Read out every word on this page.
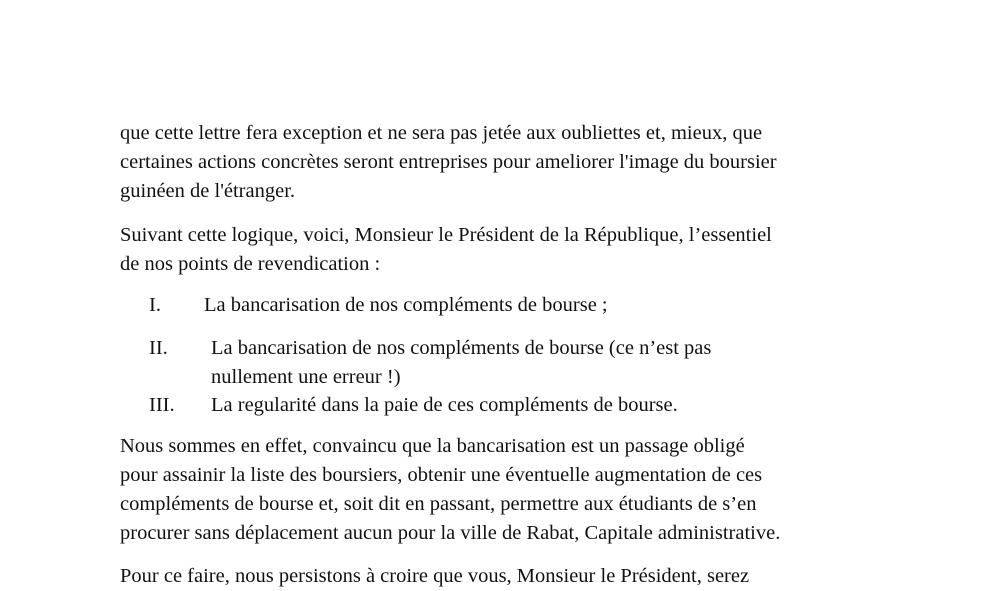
que cette lettre fera exception et ne sera pas jetée aux oubliettes et, mieux, que
certaines actions concrètes seront entreprises pour ameliorer l'image du boursier
guinéen de l'étranger.

Suivant cette logique, voici, Monsieur le Président de la République, l’essentiel
de nos points de revendication :

I. La bancarisation de nos compléments de bourse ;
II. La bancarisation de nos compléments de bourse (ce n’est pas
nullement une erreur !)
III. La regularité dans la paie de ces compléments de bourse.

Nous sommes en effet, convaincu que la bancarisation est un passage obligé
pour assainir la liste des boursiers, obtenir une éventuelle augmentation de ces
compléments de bourse et, soit dit en passant, permettre aux étudiants de s’en
procurer sans déplacement aucun pour la ville de Rabat, Capitale administrative.

Pour ce faire, nous persistons à croire que vous, Monsieur le Président, serez
